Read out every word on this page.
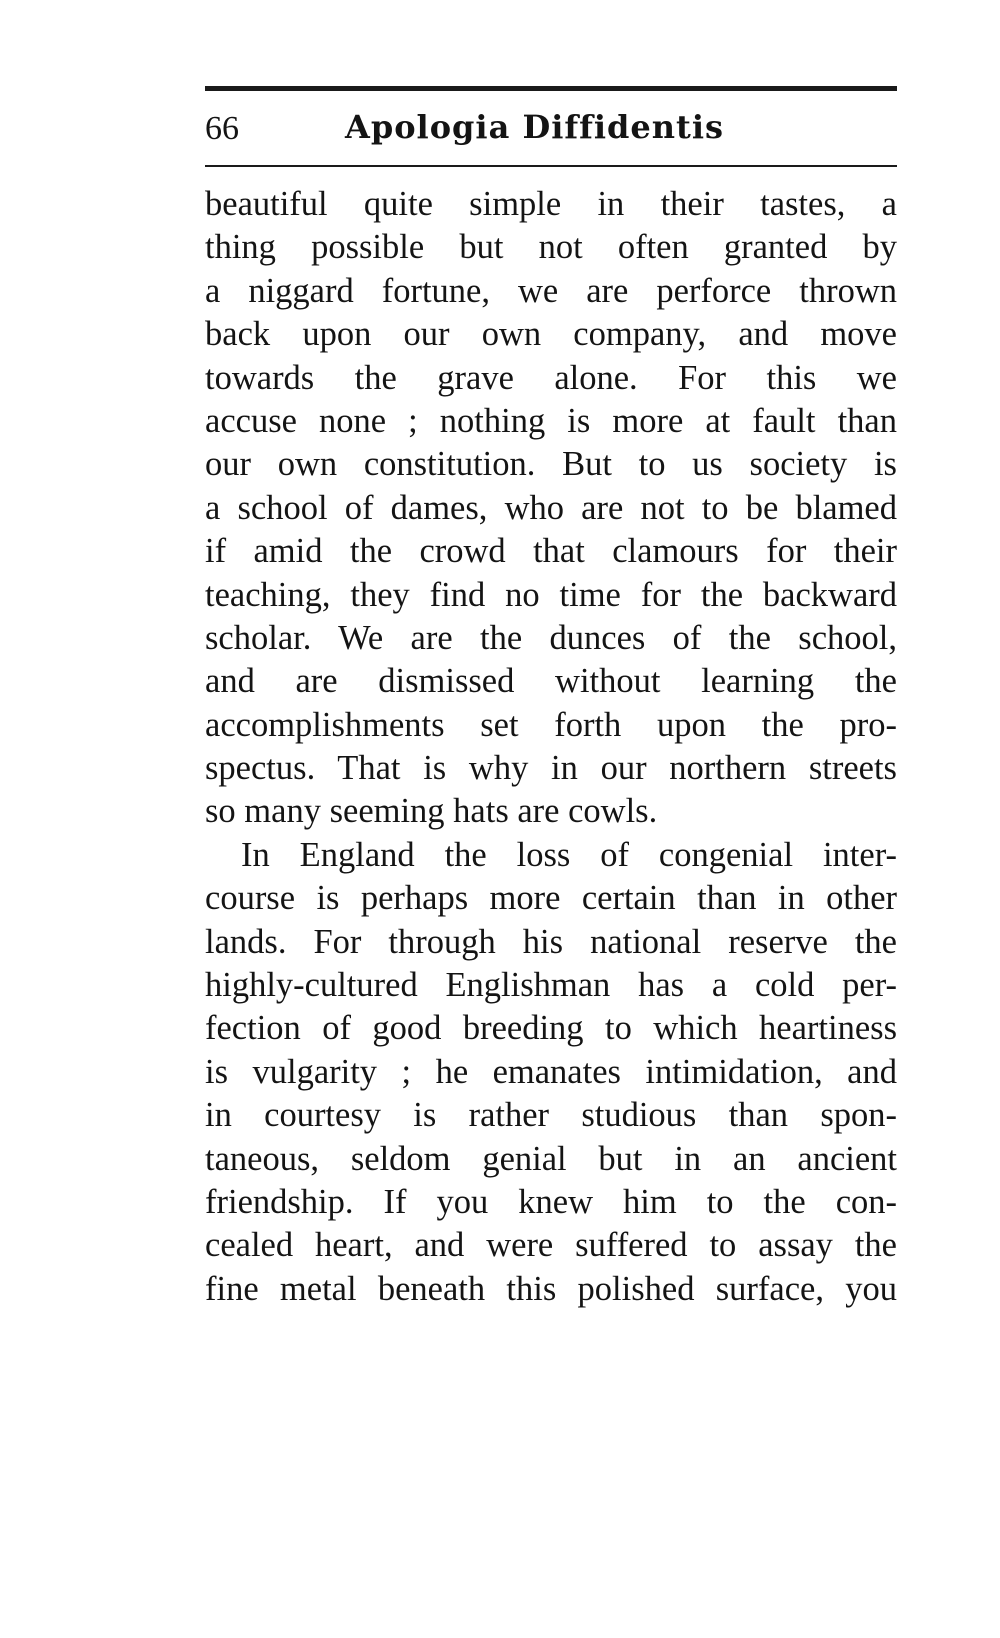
66	Apologia Diffidentis
beautiful quite simple in their tastes, a
thing possible but not often granted by
a niggard fortune, we are perforce thrown
back upon our own company, and move
towards the grave alone. For this we
accuse none ; nothing is more at fault than
our own constitution. But to us society is
a school of dames, who are not to be blamed
if amid the crowd that clamours for their
teaching, they find no time for the backward
scholar. We are the dunces of the school,
and are dismissed without learning the
accomplishments set forth upon the pro-
spectus. That is why in our northern streets
so many seeming hats are cowls.
In England the loss of congenial inter-
course is perhaps more certain than in other
lands. For through his national reserve the
highly-cultured Englishman has a cold per-
fection of good breeding to which heartiness
is vulgarity ; he emanates intimidation, and
in courtesy is rather studious than spon-
taneous, seldom genial but in an ancient
friendship. If you knew him to the con-
cealed heart, and were suffered to assay the
fine metal beneath this polished surface, you
